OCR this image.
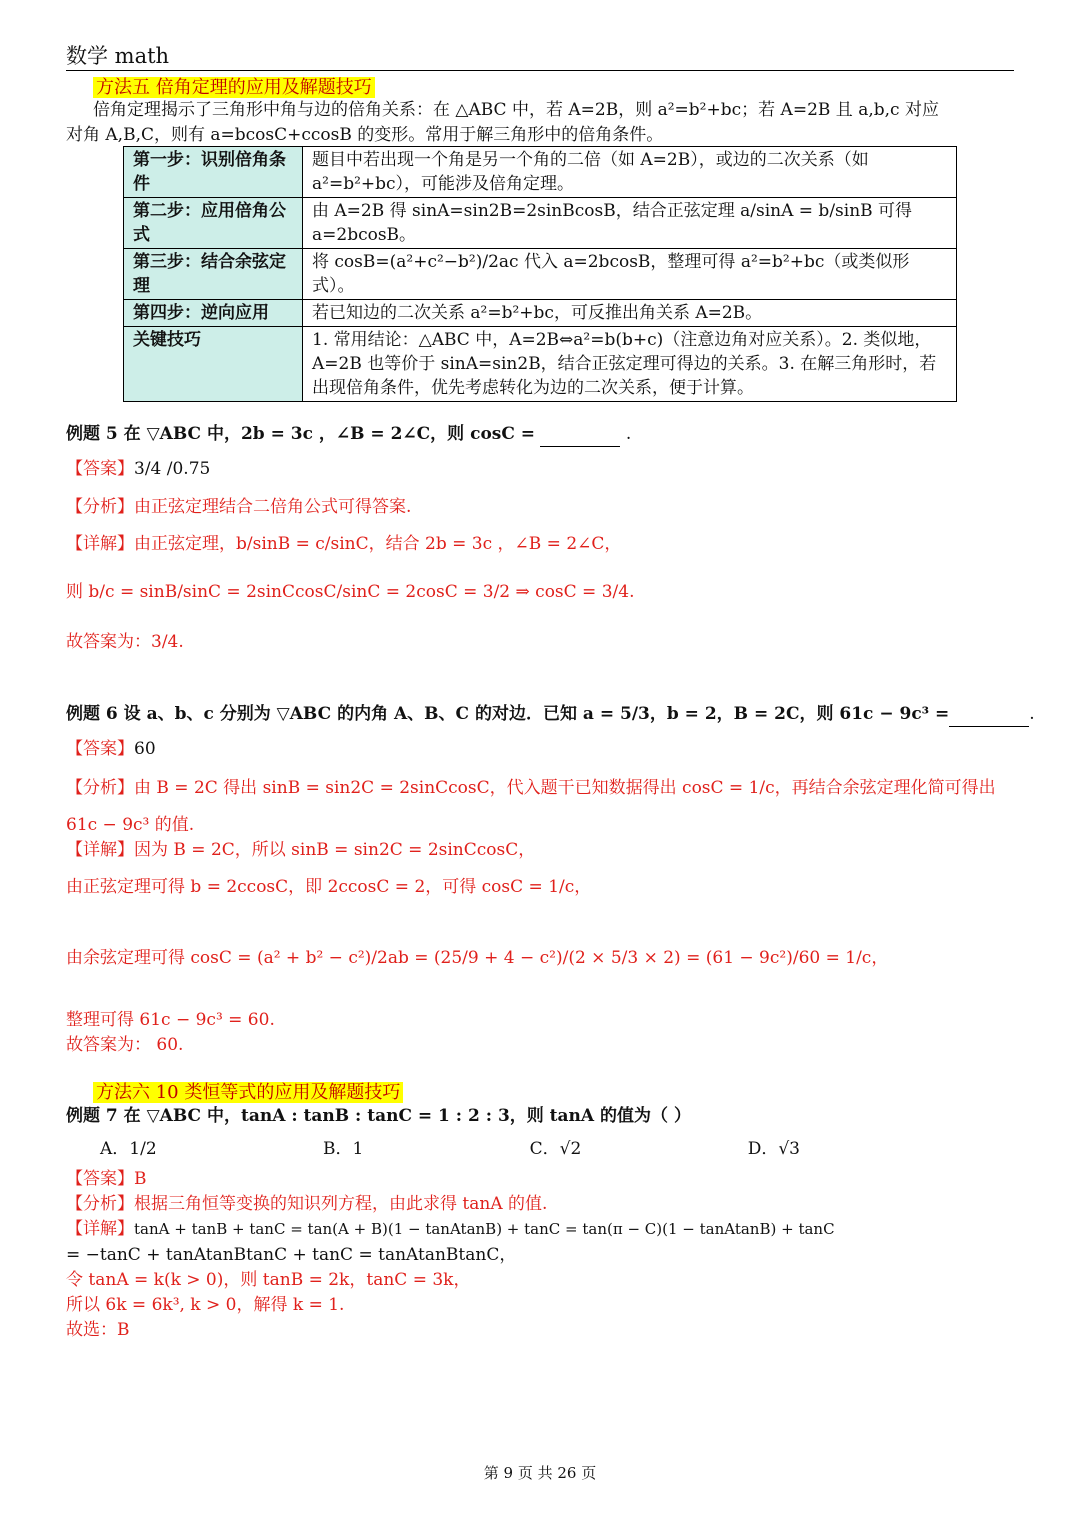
数学 math
方法五 倍角定理的应用及解题技巧
倍角定理揭示了三角形中角与边的倍角关系：在 △ABC 中，若 A=2B，则 a²=b²+bc；若 A=2B 且 a,b,c 对应
对角 A,B,C，则有 a=bcosC+ccosB 的变形。常用于解三角形中的倍角条件。
第一步：识别倍角条件	题目中若出现一个角是另一个角的二倍（如 A=2B），或边的二次关系（如 a²=b²+bc），可能涉及倍角定理。
第二步：应用倍角公式	由 A=2B 得 sinA=sin2B=2sinBcosB，结合正弦定理 a/sinA = b/sinB 可得 a=2bcosB。
第三步：结合余弦定理	将 cosB=(a²+c²−b²)/2ac 代入 a=2bcosB，整理可得 a²=b²+bc（或类似形式）。
第四步：逆向应用	若已知边的二次关系 a²=b²+bc，可反推出角关系 A=2B。
关键技巧	1. 常用结论：△ABC 中，A=2B⇔a²=b(b+c)（注意边角对应关系）。2. 类似地，A=2B 也等价于 sinA=sin2B，结合正弦定理可得边的关系。3. 在解三角形时，若出现倍角条件，优先考虑转化为边的二次关系，便于计算。
例题 5 在 ▽ABC 中，2b = 3c ，∠B = 2∠C，则 cosC =	.
【答案】3/4 /0.75
【分析】由正弦定理结合二倍角公式可得答案.
【详解】由正弦定理，b/sinB = c/sinC，结合 2b = 3c ，∠B = 2∠C，
则 b/c = sinB/sinC = 2sinCcosC/sinC = 2cosC = 3/2 ⇒ cosC = 3/4.
故答案为：3/4.
例题 6 设 a、b、c 分别为 ▽ABC 的内角 A、B、C 的对边．已知 a = 5/3，b = 2，B = 2C，则 61c − 9c³ =	.
【答案】60
【分析】由 B = 2C 得出 sinB = sin2C = 2sinCcosC，代入题干已知数据得出 cosC = 1/c，再结合余弦定理化简可得出
61c − 9c³ 的值.
【详解】因为 B = 2C，所以 sinB = sin2C = 2sinCcosC，
由正弦定理可得 b = 2ccosC，即 2ccosC = 2，可得 cosC = 1/c，
由余弦定理可得 cosC = (a² + b² − c²)/2ab = (25/9 + 4 − c²)/(2 × 5/3 × 2) = (61 − 9c²)/60 = 1/c，
整理可得 61c − 9c³ = 60.
故答案为： 60.
方法六 10 类恒等式的应用及解题技巧
例题 7 在 ▽ABC 中，tanA : tanB : tanC = 1 : 2 : 3，则 tanA 的值为（ ）
A．1/2	B．1	C．√2	D．√3
【答案】B
【分析】根据三角恒等变换的知识列方程，由此求得 tanA 的值.
【详解】tanA + tanB + tanC = tan(A + B)(1 − tanAtanB) + tanC = tan(π − C)(1 − tanAtanB) + tanC
= −tanC + tanAtanBtanC + tanC = tanAtanBtanC，
令 tanA = k(k > 0)，则 tanB = 2k，tanC = 3k，
所以 6k = 6k³, k > 0，解得 k = 1.
故选：B
第 9 页 共 26 页
